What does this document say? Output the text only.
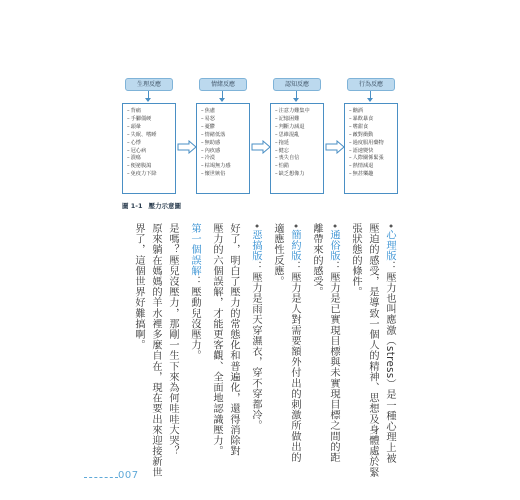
生理反應
– 背痛
– 手腳僵硬
– 頭暈
– 失眠、嗜睡
– 心悸
– 冠心病
– 潰瘍
– 便祕腹瀉
– 免疫力下降
情緒反應
– 焦慮
– 易怒
– 憂鬱
– 情緒低落
– 無助感
– 內疚感
– 冷漠
– 枯竭無力感
– 懷世嫉俗
認知反應
– 注意力難集中
– 記憶困難
– 判斷力減退
– 思維混亂
– 拖延
– 健忘
– 喪失自信
– 怕錯
– 缺乏想像力
行為反應
– 酗酒
– 暴飲暴食
– 嗜甜食
– 敵對衝動
– 過度服用藥物
– 語速變快
– 人際關係緊張
– 熱情減退
– 無甚樂趣
圖 1-1 壓力示意圖
•心理版：壓力也叫應激（stress）是一種心理上被
壓迫的感受，是導致一個人的精神、思想及身體處於緊
張狀態的條件。
•通俗版：壓力是已實現目標與未實現目標之間的距
離帶來的感受。
•簡約版：壓力是人對需要額外付出的刺激所做出的
適應性反應。
•惡搞版：壓力是雨天穿濕衣，穿不穿都冷。
好了，明白了壓力的常態化和普遍化，還得消除對
壓力的六個誤解，才能更客觀、全面地認識壓力。
第一個誤解：壓動兒沒壓力。
是嗎？壓兒沒壓力，那剛一生下來為何哇哇大哭？
原來躺在媽媽的羊水裡多麼自在，現在要出來迎接新世
界了，這個世界好難搞啊。
007
